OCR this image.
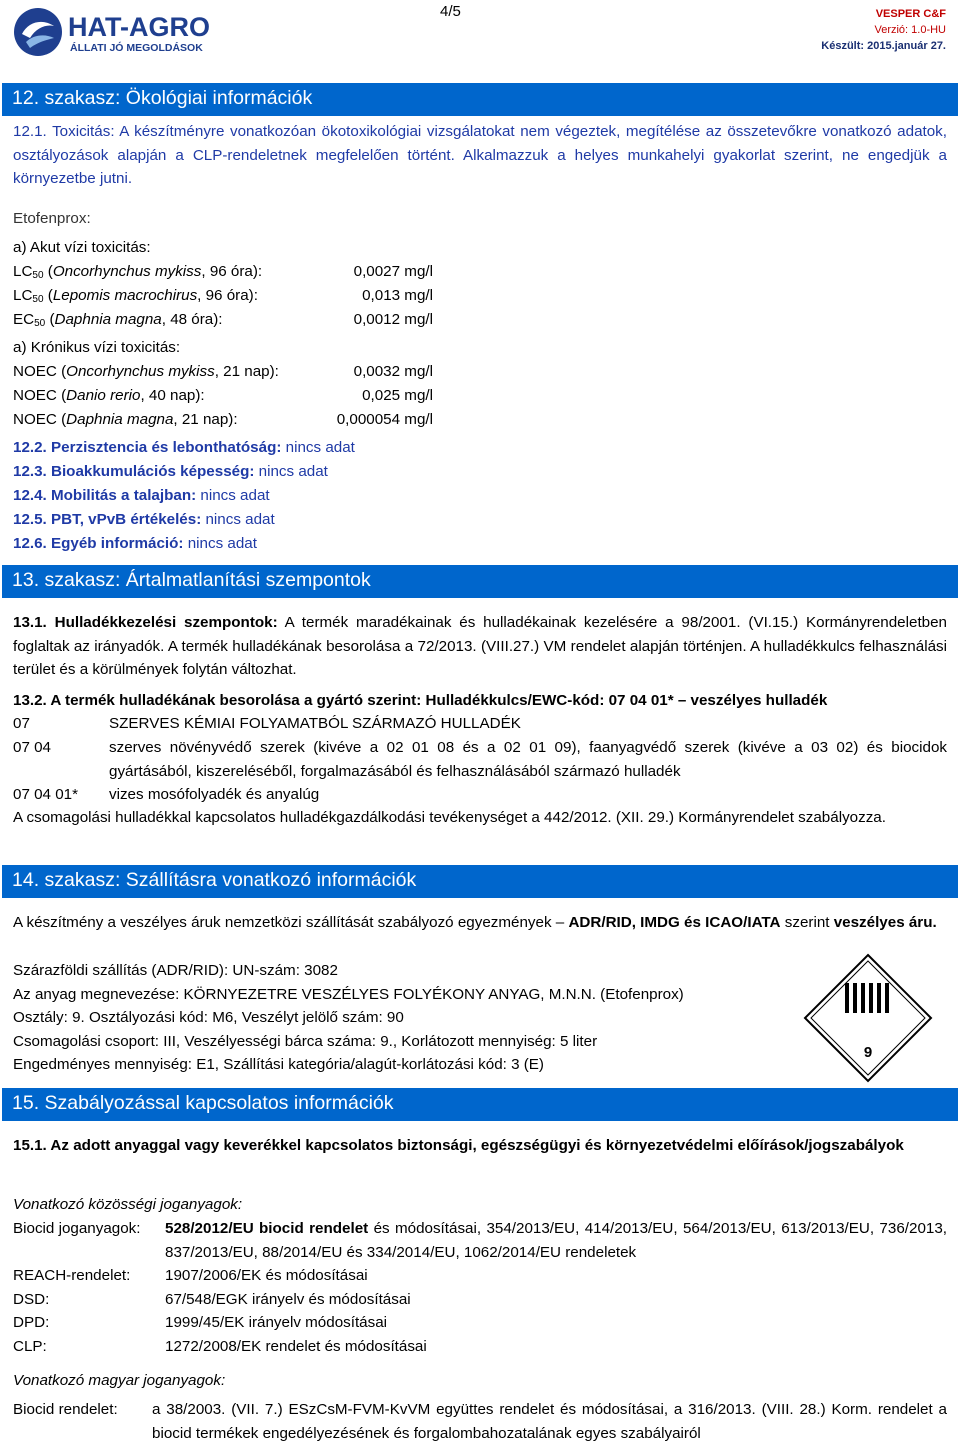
HAT-AGRO
ÁLLATI JÓ MEGOLDÁSOK
4/5	VESPER C&F
Verzió: 1.0-HU
Készült: 2015.január 27.
12. szakasz: Ökológiai információk
12.1. Toxicitás: A készítményre vonatkozóan ökotoxikológiai vizsgálatokat nem végeztek, megítélése az összetevőkre vonatkozó adatok, osztályozások alapján a CLP-rendeletnek megfelelően történt. Alkalmazzuk a helyes munkahelyi gyakorlat szerint, ne engedjük a környezetbe jutni.
Etofenprox:
a) Akut vízi toxicitás:
$LC_{50}$ (Oncorhynchus mykiss, 96 óra):	0,0027 mg/l
$LC_{50}$ (Lepomis macrochirus, 96 óra):	0,013 mg/l
$EC_{50}$ (Daphnia magna, 48 óra):	0,0012 mg/l
a) Krónikus vízi toxicitás:
NOEC (Oncorhynchus mykiss, 21 nap):	0,0032 mg/l
NOEC (Danio rerio, 40 nap):	0,025 mg/l
NOEC (Daphnia magna, 21 nap):	0,000054 mg/l
12.2. Perzisztencia és lebonthatóság: nincs adat
12.3. Bioakkumulációs képesség: nincs adat
12.4. Mobilitás a talajban: nincs adat
12.5. PBT, vPvB értékelés: nincs adat
12.6. Egyéb információ: nincs adat
13. szakasz: Ártalmatlanítási szempontok
13.1. Hulladékkezelési szempontok: A termék maradékainak és hulladékainak kezelésére a 98/2001. (VI.15.) Kormányrendeletben foglaltak az irányadók. A termék hulladékának besorolása a 72/2013. (VIII.27.) VM rendelet alapján történjen. A hulladékkulcs felhasználási terület és a körülmények folytán változhat.
13.2. A termék hulladékának besorolása a gyártó szerint: Hulladékkulcs/EWC-kód: 07 04 01* – veszélyes hulladék
07	SZERVES KÉMIAI FOLYAMATBÓL SZÁRMAZÓ HULLADÉK
07 04	szerves növényvédő szerek (kivéve a 02 01 08 és a 02 01 09), faanyagvédő szerek (kivéve a 03 02) és biocidok gyártásából, kiszereléséből, forgalmazásából és felhasználásából származó hulladék
07 04 01* vizes mosófolyadék és anyalúg
A csomagolási hulladékkal kapcsolatos hulladékgazdálkodási tevékenységet a 442/2012. (XII. 29.) Kormányrendelet szabályozza.
14. szakasz: Szállításra vonatkozó információk
A készítmény a veszélyes áruk nemzetközi szállítását szabályozó egyezmények – ADR/RID, IMDG és ICAO/IATA szerint veszélyes áru.
Szárazföldi szállítás (ADR/RID): UN-szám: 3082
Az anyag megnevezése: KÖRNYEZETRE VESZÉLYES FOLYÉKONY ANYAG, M.N.N. (Etofenprox)
Osztály: 9. Osztályozási kód: M6, Veszélyt jelölő szám: 90
Csomagolási csoport: III, Veszélyességi bárca száma: 9., Korlátozott mennyiség: 5 liter
Engedményes mennyiség: E1, Szállítási kategória/alagút-korlátozási kód: 3 (E)
9
15. Szabályozással kapcsolatos információk
15.1. Az adott anyaggal vagy keverékkel kapcsolatos biztonsági, egészségügyi és környezetvédelmi előírások/jogszabályok
Vonatkozó közösségi joganyagok:
Biocid joganyagok: 528/2012/EU biocid rendelet és módosításai, 354/2013/EU, 414/2013/EU, 564/2013/EU, 613/2013/EU, 736/2013, 837/2013/EU, 88/2014/EU és 334/2014/EU, 1062/2014/EU rendeletek
REACH-rendelet: 1907/2006/EK és módosításai
DSD:	67/548/EGK irányelv és módosításai
DPD:	1999/45/EK irányelv módosításai
CLP:	1272/2008/EK rendelet és módosításai
Vonatkozó magyar joganyagok:
Biocid rendelet: a 38/2003. (VII. 7.) ESzCsM-FVM-KvVM együttes rendelet és módosításai, a 316/2013. (VIII. 28.) Korm. rendelet a biocid termékek engedélyezésének és forgalombahozatalának egyes szabályairól
